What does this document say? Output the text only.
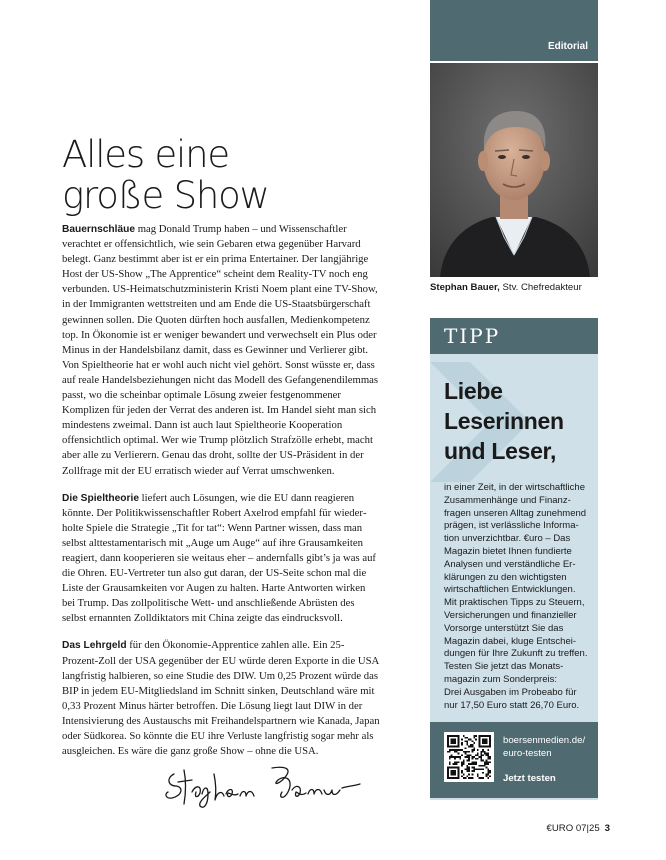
Alles eine
große Show

Bauernschläue mag Donald Trump haben – und Wissenschaftler verachtet er offensichtlich, wie sein Gebaren etwa gegenüber Harvard belegt. Ganz bestimmt aber ist er ein prima Entertainer. Der langjährige Host der US-Show „The Apprentice“ scheint dem Reality-TV noch eng verbunden. US-Heimatschutzministerin Kristi Noem plant eine TV-Show, in der Immigranten wettstreiten und am Ende die US-Staatsbürgerschaft gewinnen sollen. Die Quoten dürften hoch ausfallen, Medienkompetenz top. In Ökonomie ist er weniger bewandert und verwechselt ein Plus oder Minus in der Handelsbilanz damit, dass es Gewinner und Verlierer gibt. Von Spieltheorie hat er wohl auch nicht viel gehört. Sonst wüsste er, dass auf reale Handelsbeziehungen nicht das Modell des Gefangenendilemmas passt, wo die scheinbar optimale Lösung zweier festgenommener Komplizen für jeden der Verrat des anderen ist. Im Handel sieht man sich mindestens zweimal. Dann ist auch laut Spieltheorie Kooperation offensichtlich optimal. Wer wie Trump plötzlich Strafzölle erhebt, macht aber alle zu Verlierern. Genau das droht, sollte der US-Präsident in der Zollfrage mit der EU erratisch wieder auf Verrat umschwenken.

Die Spieltheorie liefert auch Lösungen, wie die EU dann reagieren könnte. Der Politikwissenschaftler Robert Axelrod empfahl für wiederholte Spiele die Strategie „Tit for tat“: Wenn Partner wissen, dass man selbst alttestamentarisch mit „Auge um Auge“ auf ihre Grausamkeiten reagiert, dann kooperieren sie weitaus eher – andernfalls gibt’s ja was auf die Ohren. EU-Vertreter tun also gut daran, der US-Seite schon mal die Liste der Grausamkeiten vor Augen zu halten. Harte Antworten wirken bei Trump. Das zollpolitische Wett- und anschließende Abrüsten des selbst ernannten Zolldiktators mit China zeigte das eindrucksvoll.

Das Lehrgeld für den Ökonomie-Apprentice zahlen alle. Ein 25-Prozent-Zoll der USA gegenüber der EU würde deren Exporte in die USA langfristig halbieren, so eine Studie des DIW. Um 0,25 Prozent würde das BIP in jedem EU-Mitgliedsland im Schnitt sinken, Deutschland wäre mit 0,33 Prozent Minus härter betroffen. Die Lösung liegt laut DIW in der Intensivierung des Austauschs mit Freihandelspartnern wie Kanada, Japan oder Südkorea. So könnte die EU ihre Verluste langfristig sogar mehr als ausgleichen. Es wäre die ganz große Show – ohne die USA.

Editorial
Stephan Bauer, Stv. Chefredakteur
TIPP
Liebe
Leserinnen
und Leser,
in einer Zeit, in der wirtschaftliche
Zusammenhänge und Finanz-
fragen unseren Alltag zunehmend
prägen, ist verlässliche Informa-
tion unverzichtbar. €uro – Das
Magazin bietet Ihnen fundierte
Analysen und verständliche Er-
klärungen zu den wichtigsten
wirtschaftlichen Entwicklungen.
Mit praktischen Tipps zu Steuern,
Versicherungen und finanzieller
Vorsorge unterstützt Sie das
Magazin dabei, kluge Entschei-
dungen für Ihre Zukunft zu treffen.
Testen Sie jetzt das Monats-
magazin zum Sonderpreis:
Drei Ausgaben im Probeabo für
nur 17,50 Euro statt 26,70 Euro.
boersenmedien.de/
euro-testen
Jetzt testen
€URO 07|25 3
